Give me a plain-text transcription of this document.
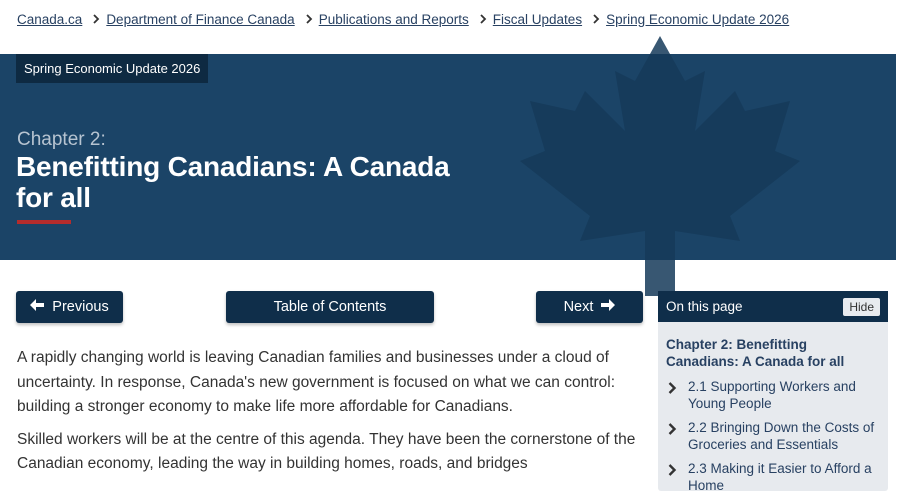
Canada.ca Department of Finance Canada Publications and Reports Fiscal Updates Spring Economic Update 2026
Spring Economic Update 2026
Chapter 2:
Benefitting Canadians: A Canada for all
Previous	Table of Contents	Next

A rapidly changing world is leaving Canadian families and businesses under a cloud of uncertainty. In response, Canada's new government is focused on what we can control: building a stronger economy to make life more affordable for Canadians.

Skilled workers will be at the centre of this agenda. They have been the cornerstone of the Canadian economy, leading the way in building homes, roads, and bridges

On this page	Hide
Chapter 2: Benefitting Canadians: A Canada for all
2.1 Supporting Workers and Young People
2.2 Bringing Down the Costs of Groceries and Essentials
2.3 Making it Easier to Afford a Home
